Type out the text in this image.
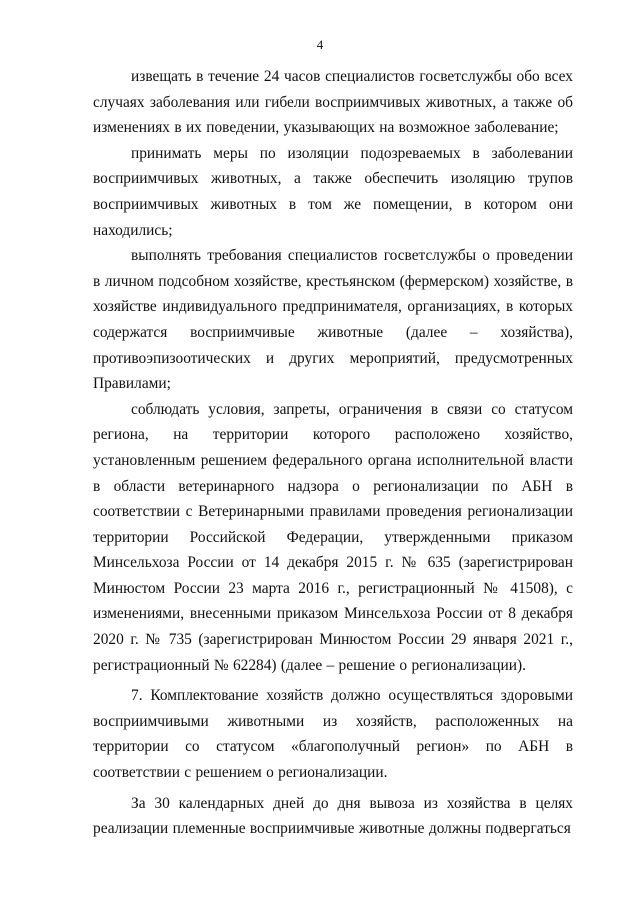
4

извещать в течение 24 часов специалистов госветслужбы обо всех случаях заболевания или гибели восприимчивых животных, а также об изменениях в их поведении, указывающих на возможное заболевание;

принимать меры по изоляции подозреваемых в заболевании восприимчивых животных, а также обеспечить изоляцию трупов восприимчивых животных в том же помещении, в котором они находились;

выполнять требования специалистов госветслужбы о проведении в личном подсобном хозяйстве, крестьянском (фермерском) хозяйстве, в хозяйстве индивидуального предпринимателя, организациях, в которых содержатся восприимчивые животные (далее – хозяйства), противоэпизоотических и других мероприятий, предусмотренных Правилами;

соблюдать условия, запреты, ограничения в связи со статусом региона, на территории которого расположено хозяйство, установленным решением федерального органа исполнительной власти в области ветеринарного надзора о регионализации по АБН в соответствии с Ветеринарными правилами проведения регионализации территории Российской Федерации, утвержденными приказом Минсельхоза России от 14 декабря 2015 г. № 635 (зарегистрирован Минюстом России 23 марта 2016 г., регистрационный № 41508), с изменениями, внесенными приказом Минсельхоза России от 8 декабря 2020 г. № 735 (зарегистрирован Минюстом России 29 января 2021 г., регистрационный № 62284) (далее – решение о регионализации).

7. Комплектование хозяйств должно осуществляться здоровыми восприимчивыми животными из хозяйств, расположенных на территории со статусом «благополучный регион» по АБН в соответствии с решением о регионализации.

За 30 календарных дней до дня вывоза из хозяйства в целях реализации племенные восприимчивые животные должны подвергаться
